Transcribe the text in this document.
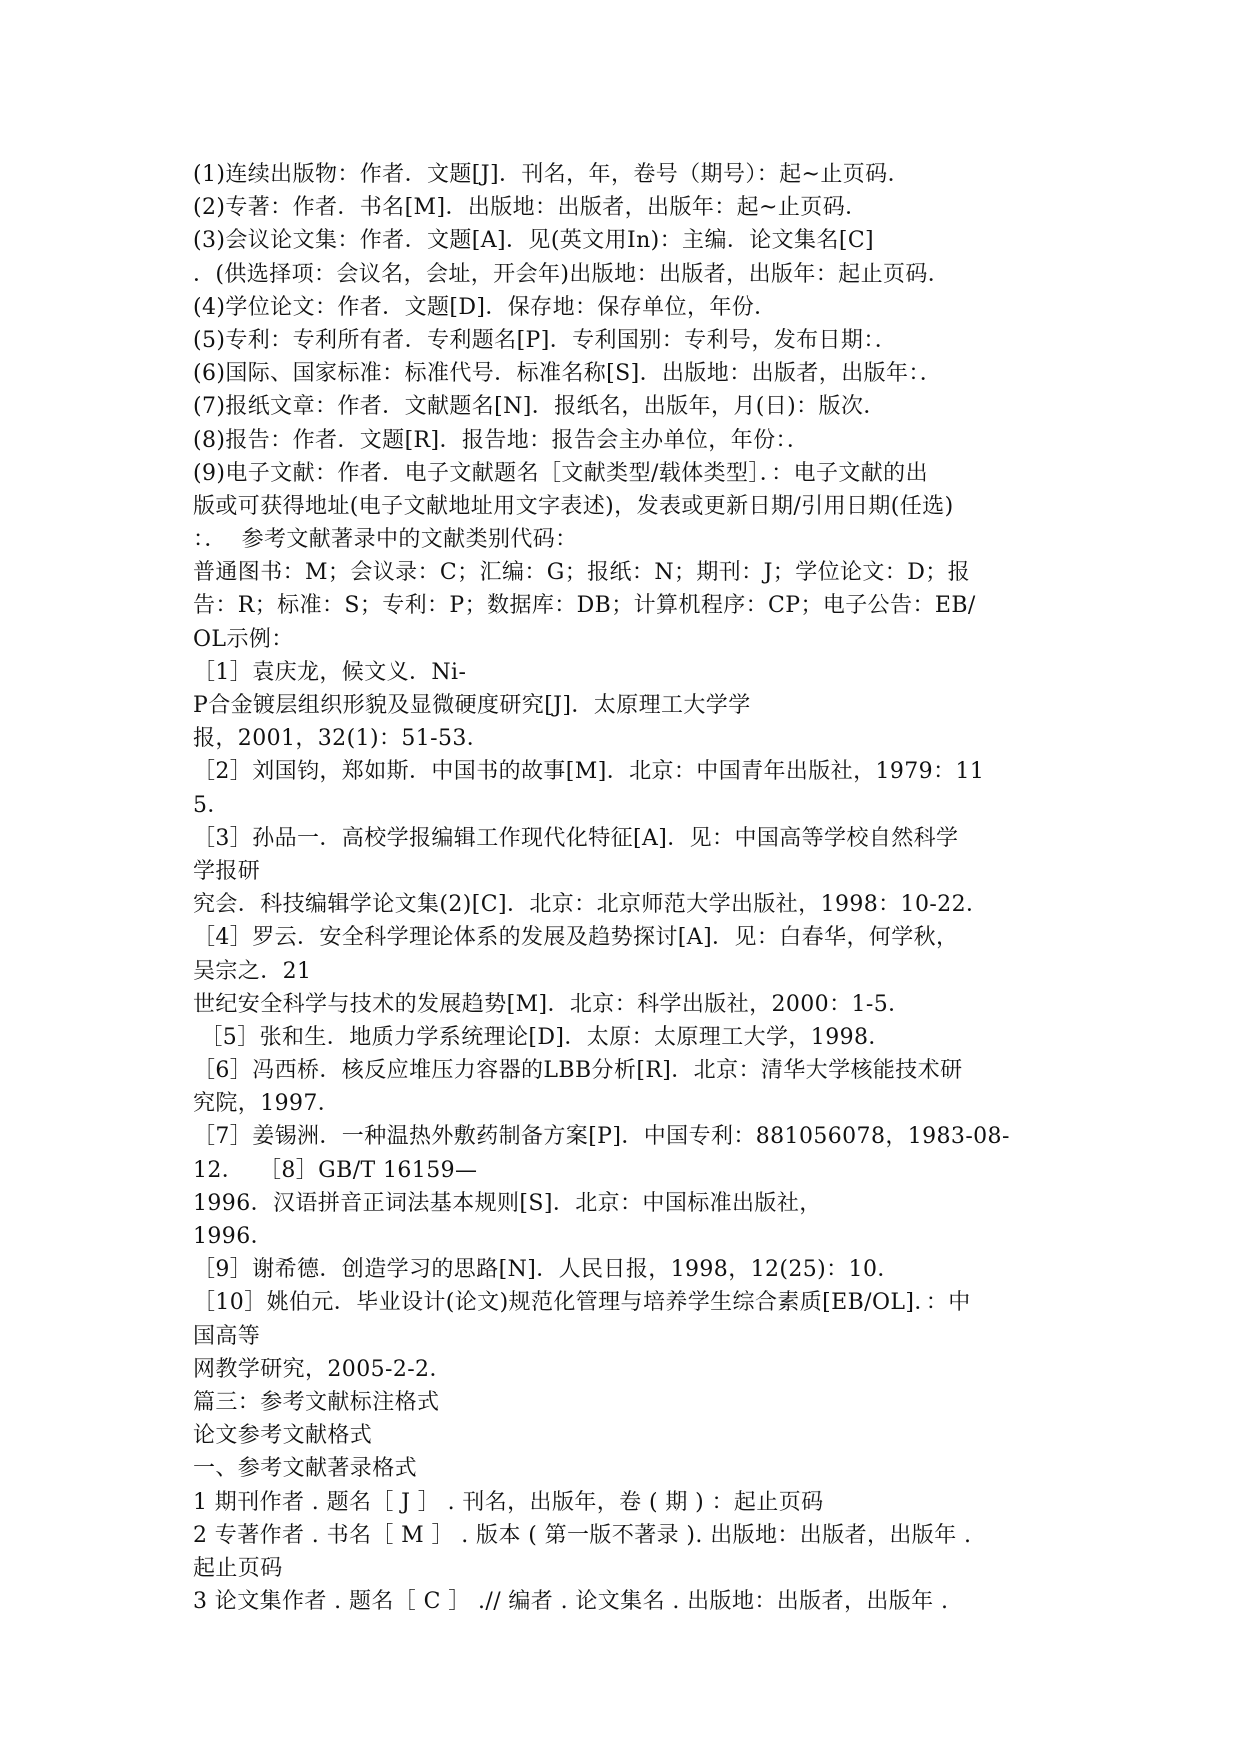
(1)连续出版物：作者．文题[J]．刊名，年，卷号（期号）：起~止页码．
(2)专著：作者．书名[M]．出版地：出版者，出版年：起~止页码．
(3)会议论文集：作者．文题[A]．见(英文用In)：主编．论文集名[C]
．(供选择项：会议名，会址，开会年)出版地：出版者，出版年：起止页码．
(4)学位论文：作者．文题[D]．保存地：保存单位，年份．
(5)专利：专利所有者．专利题名[P]．专利国别：专利号，发布日期：．
(6)国际、国家标准：标准代号．标准名称[S]．出版地：出版者，出版年：．
(7)报纸文章：作者．文献题名[N]．报纸名，出版年，月(日)：版次．
(8)报告：作者．文题[R]．报告地：报告会主办单位，年份：．
(9)电子文献：作者．电子文献题名［文献类型/载体类型］．：电子文献的出
版或可获得地址(电子文献地址用文字表述)，发表或更新日期/引用日期(任选)
：．  参考文献著录中的文献类别代码：
普通图书：M；会议录：C；汇编：G；报纸：N；期刊：J；学位论文：D；报
告：R；标准：S；专利：P；数据库：DB；计算机程序：CP；电子公告：EB/
OL示例：
［1］袁庆龙，候文义．Ni-
P合金镀层组织形貌及显微硬度研究[J]．太原理工大学学
报，2001，32(1)：51-53．
［2］刘国钧，郑如斯．中国书的故事[M]．北京：中国青年出版社，1979：11
5．
［3］孙品一．高校学报编辑工作现代化特征[A]．见：中国高等学校自然科学
学报研
究会．科技编辑学论文集(2)[C]．北京：北京师范大学出版社，1998：10-22．
［4］罗云．安全科学理论体系的发展及趋势探讨[A]．见：白春华，何学秋，
吴宗之．21
世纪安全科学与技术的发展趋势[M]．北京：科学出版社，2000：1-5．
［5］张和生．地质力学系统理论[D]．太原：太原理工大学，1998．
［6］冯西桥．核反应堆压力容器的LBB分析[R]．北京：清华大学核能技术研
究院，1997．
［7］姜锡洲．一种温热外敷药制备方案[P]．中国专利：881056078，1983-08-
12．  ［8］GB/T 16159—
1996．汉语拼音正词法基本规则[S]．北京：中国标准出版社，
1996．
［9］谢希德．创造学习的思路[N]．人民日报，1998，12(25)：10．
［10］姚伯元．毕业设计(论文)规范化管理与培养学生综合素质[EB/OL]．：中
国高等
网教学研究，2005-2-2．
篇三：参考文献标注格式
论文参考文献格式
一、参考文献著录格式
1 期刊作者 . 题名［ J ］ . 刊名，出版年，卷 ( 期 ) ：起止页码
2 专著作者 . 书名［ M ］ . 版本 ( 第一版不著录 ). 出版地：出版者，出版年 .
起止页码
3 论文集作者 . 题名［ C ］ .// 编者 . 论文集名 . 出版地：出版者，出版年 .
